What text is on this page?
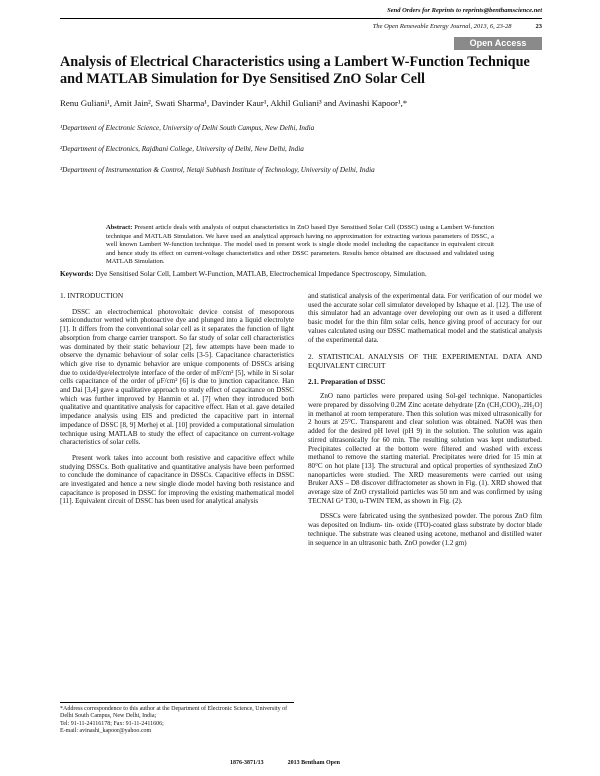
Send Orders for Reprints to reprints@benthamscience.net
The Open Renewable Energy Journal, 2013, 6, 23-28	23
Open Access
Analysis of Electrical Characteristics using a Lambert W-Function Technique and MATLAB Simulation for Dye Sensitised ZnO Solar Cell
Renu Guliani¹, Amit Jain², Swati Sharma¹, Davinder Kaur¹, Akhil Guliani³ and Avinashi Kapoor¹,*
¹Department of Electronic Science, University of Delhi South Campus, New Delhi, India
²Department of Electronics, Rajdhani College, University of Delhi, New Delhi, India
³Department of Instrumentation & Control, Netaji Subhash Institute of Technology, University of Delhi, India
Abstract: Present article deals with analysis of output characteristics in ZnO based Dye Sensitised Solar Cell (DSSC) using a Lambert W-function technique and MATLAB Simulation. We have used an analytical approach having no approximation for extracting various parameters of DSSC, a well known Lambert W-function technique. The model used in present work is single diode model including the capacitance in equivalent circuit and hence study its effect on current-voltage characteristics and other DSSC parameters. Results hence obtained are discussed and validated using MATLAB Simulation.
Keywords: Dye Sensitised Solar Cell, Lambert W-Function, MATLAB, Electrochemical Impedance Spectroscopy, Simulation.
1. INTRODUCTION

DSSC an electrochemical photovoltaic device consist of mesoporous semiconductor wetted with photoactive dye and plunged into a liquid electrolyte [1]. It differs from the conventional solar cell as it separates the function of light absorption from charge carrier transport. So far study of solar cell characteristics was dominated by their static behaviour [2], few attempts have been made to observe the dynamic behaviour of solar cells [3-5]. Capacitance characteristics which give rise to dynamic behavior are unique components of DSSCs arising due to oxide/dye/electrolyte interface of the order of mF/cm² [5], while in Si solar cells capacitance of the order of μF/cm² [6] is due to junction capacitance. Han and Dai [3,4] gave a qualitative approach to study effect of capacitance on DSSC which was further improved by Hanmin et al. [7] when they introduced both qualitative and quantitative analysis for capacitive effect. Han et al. gave detailed impedance analysis using EIS and predicted the capacitive part in internal impedance of DSSC [8, 9] Merhej et al. [10] provided a computational simulation technique using MATLAB to study the effect of capacitance on current-voltage characteristics of solar cells.

Present work takes into account both resistive and capacitive effect while studying DSSCs. Both qualitative and quantitative analysis have been performed to conclude the dominance of capacitance in DSSCs. Capacitive effects in DSSC are investigated and hence a new single diode model having both resistance and capacitance is proposed in DSSC for improving the existing mathematical model [11]. Equivalent circuit of DSSC has been used for analytical analysis

and statistical analysis of the experimental data. For verification of our model we used the accurate solar cell simulator developed by Ishaque et al. [12]. The use of this simulator had an advantage over developing our own as it used a different basic model for the thin film solar cells, hence giving proof of accuracy for our values calculated using our DSSC mathematical model and the statistical analysis of the experimental data.

2. STATISTICAL ANALYSIS OF THE EXPERIMENTAL DATA AND EQUIVALENT CIRCUIT
2.1. Preparation of DSSC

ZnO nano particles were prepared using Sol-gel technique. Nanoparticles were prepared by dissolving 0.2M Zinc acetate dehydrate [Zn (CH₃COO)₂.2H₂O] in methanol at room temperature. Then this solution was mixed ultrasonically for 2 hours at 25°C. Transparent and clear solution was obtained. NaOH was then added for the desired pH level (pH 9) in the solution. The solution was again stirred ultrasonically for 60 min. The resulting solution was kept undisturbed. Precipitates collected at the bottom were filtered and washed with excess methanol to remove the starting material. Precipitates were dried for 15 min at 80°C on hot plate [13]. The structural and optical properties of synthesized ZnO nanoparticles were studied. The XRD measurements were carried out using Bruker AXS – D8 discover diffractometer as shown in Fig. (1). XRD showed that average size of ZnO crystalloid particles was 50 nm and was confirmed by using TECNAI G² T30, u-TWIN TEM, as shown in Fig. (2).

DSSCs were fabricated using the synthesized powder. The porous ZnO film was deposited on Indium- tin- oxide (ITO)-coated glass substrate by doctor blade technique. The substrate was cleaned using acetone, methanol and distilled water in sequence in an ultrasonic bath. ZnO powder (1.2 gm)

*Address correspondence to this author at the Department of Electronic Science, University of Delhi South Campus, New Delhi, India;
Tel: 91-11-24116178; Fax: 91-11-2411606;
E-mail: avinashi_kapoor@yahoo.com
1876-3871/13	2013 Bentham Open
